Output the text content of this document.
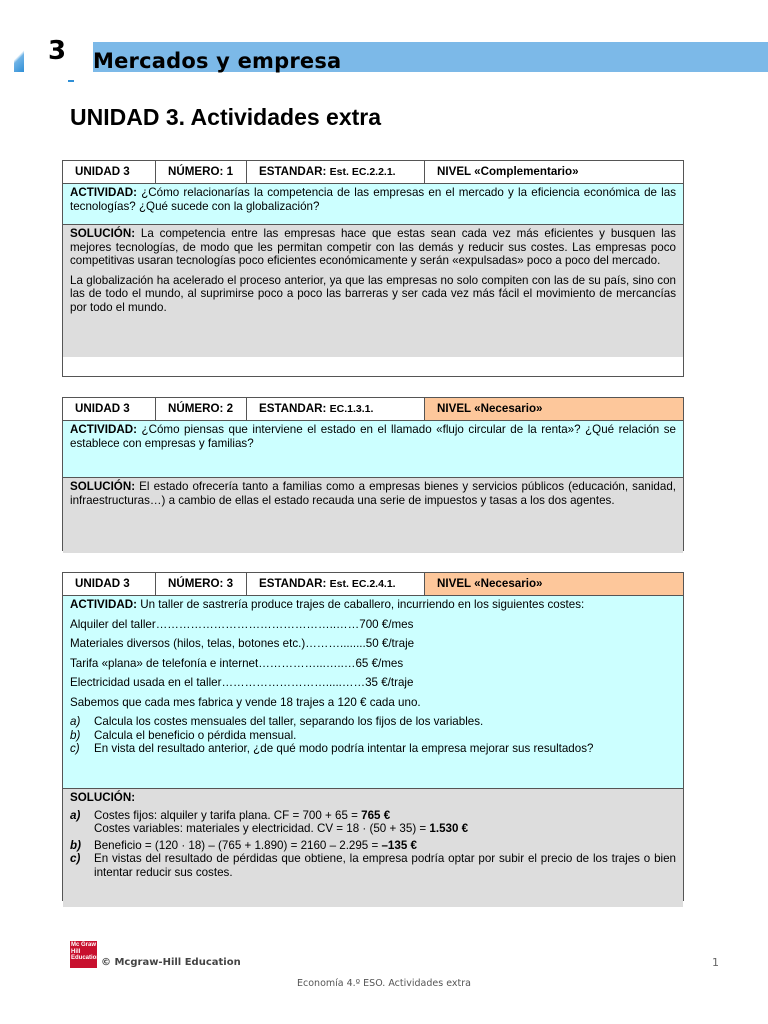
3 Mercados y empresa
UNIDAD 3. Actividades extra
UNIDAD 3	NÚMERO: 1	ESTANDAR: Est. EC.2.2.1.	NIVEL «Complementario»
ACTIVIDAD: ¿Cómo relacionarías la competencia de las empresas en el mercado y la eficiencia económica de las tecnologías? ¿Qué sucede con la globalización?

SOLUCIÓN: La competencia entre las empresas hace que estas sean cada vez más eficientes y busquen las mejores tecnologías, de modo que les permitan competir con las demás y reducir sus costes. Las empresas poco competitivas usaran tecnologías poco eficientes económicamente y serán «expulsadas» poco a poco del mercado.

La globalización ha acelerado el proceso anterior, ya que las empresas no solo compiten con las de su país, sino con las de todo el mundo, al suprimirse poco a poco las barreras y ser cada vez más fácil el movimiento de mercancías por todo el mundo.

UNIDAD 3	NÚMERO: 2	ESTANDAR: EC.1.3.1.	NIVEL «Necesario»
ACTIVIDAD: ¿Cómo piensas que interviene el estado en el llamado «flujo circular de la renta»? ¿Qué relación se establece con empresas y familias?
SOLUCIÓN: El estado ofrecería tanto a familias como a empresas bienes y servicios públicos (educación, sanidad, infraestructuras…) a cambio de ellas el estado recauda una serie de impuestos y tasas a los dos agentes.
UNIDAD 3	NÚMERO: 3	ESTANDAR: Est. EC.2.4.1.	NIVEL «Necesario»

ACTIVIDAD: Un taller de sastrería produce trajes de caballero, incurriendo en los siguientes costes:

Alquiler del taller………………………………………..……700 €/mes

Materiales diversos (hilos, telas, botones etc.)………........50 €/traje

Tarifa «plana» de telefonía e internet……………...…..…65 €/mes

Electricidad usada en el taller……………………….....……35 €/traje

Sabemos que cada mes fabrica y vende 18 trajes a 120 € cada uno.

a)	Calcula los costes mensuales del taller, separando los fijos de los variables.
b)	Calcula el beneficio o pérdida mensual.
c)	En vista del resultado anterior, ¿de qué modo podría intentar la empresa mejorar sus resultados?

SOLUCIÓN:

a)	Costes fijos: alquiler y tarifa plana. CF = 700 + 65 = 765 €
Costes variables: materiales y electricidad. CV = 18 · (50 + 35) = 1.530 €
b)	Beneficio = (120 · 18) – (765 + 1.890) = 2160 – 2.295 = –135 €
c)	En vistas del resultado de pérdidas que obtiene, la empresa podría optar por subir el precio de los trajes o bien intentar reducir sus costes.
Mc Graw Hill Education © Mcgraw-Hill Education	1
Economía 4.º ESO. Actividades extra
